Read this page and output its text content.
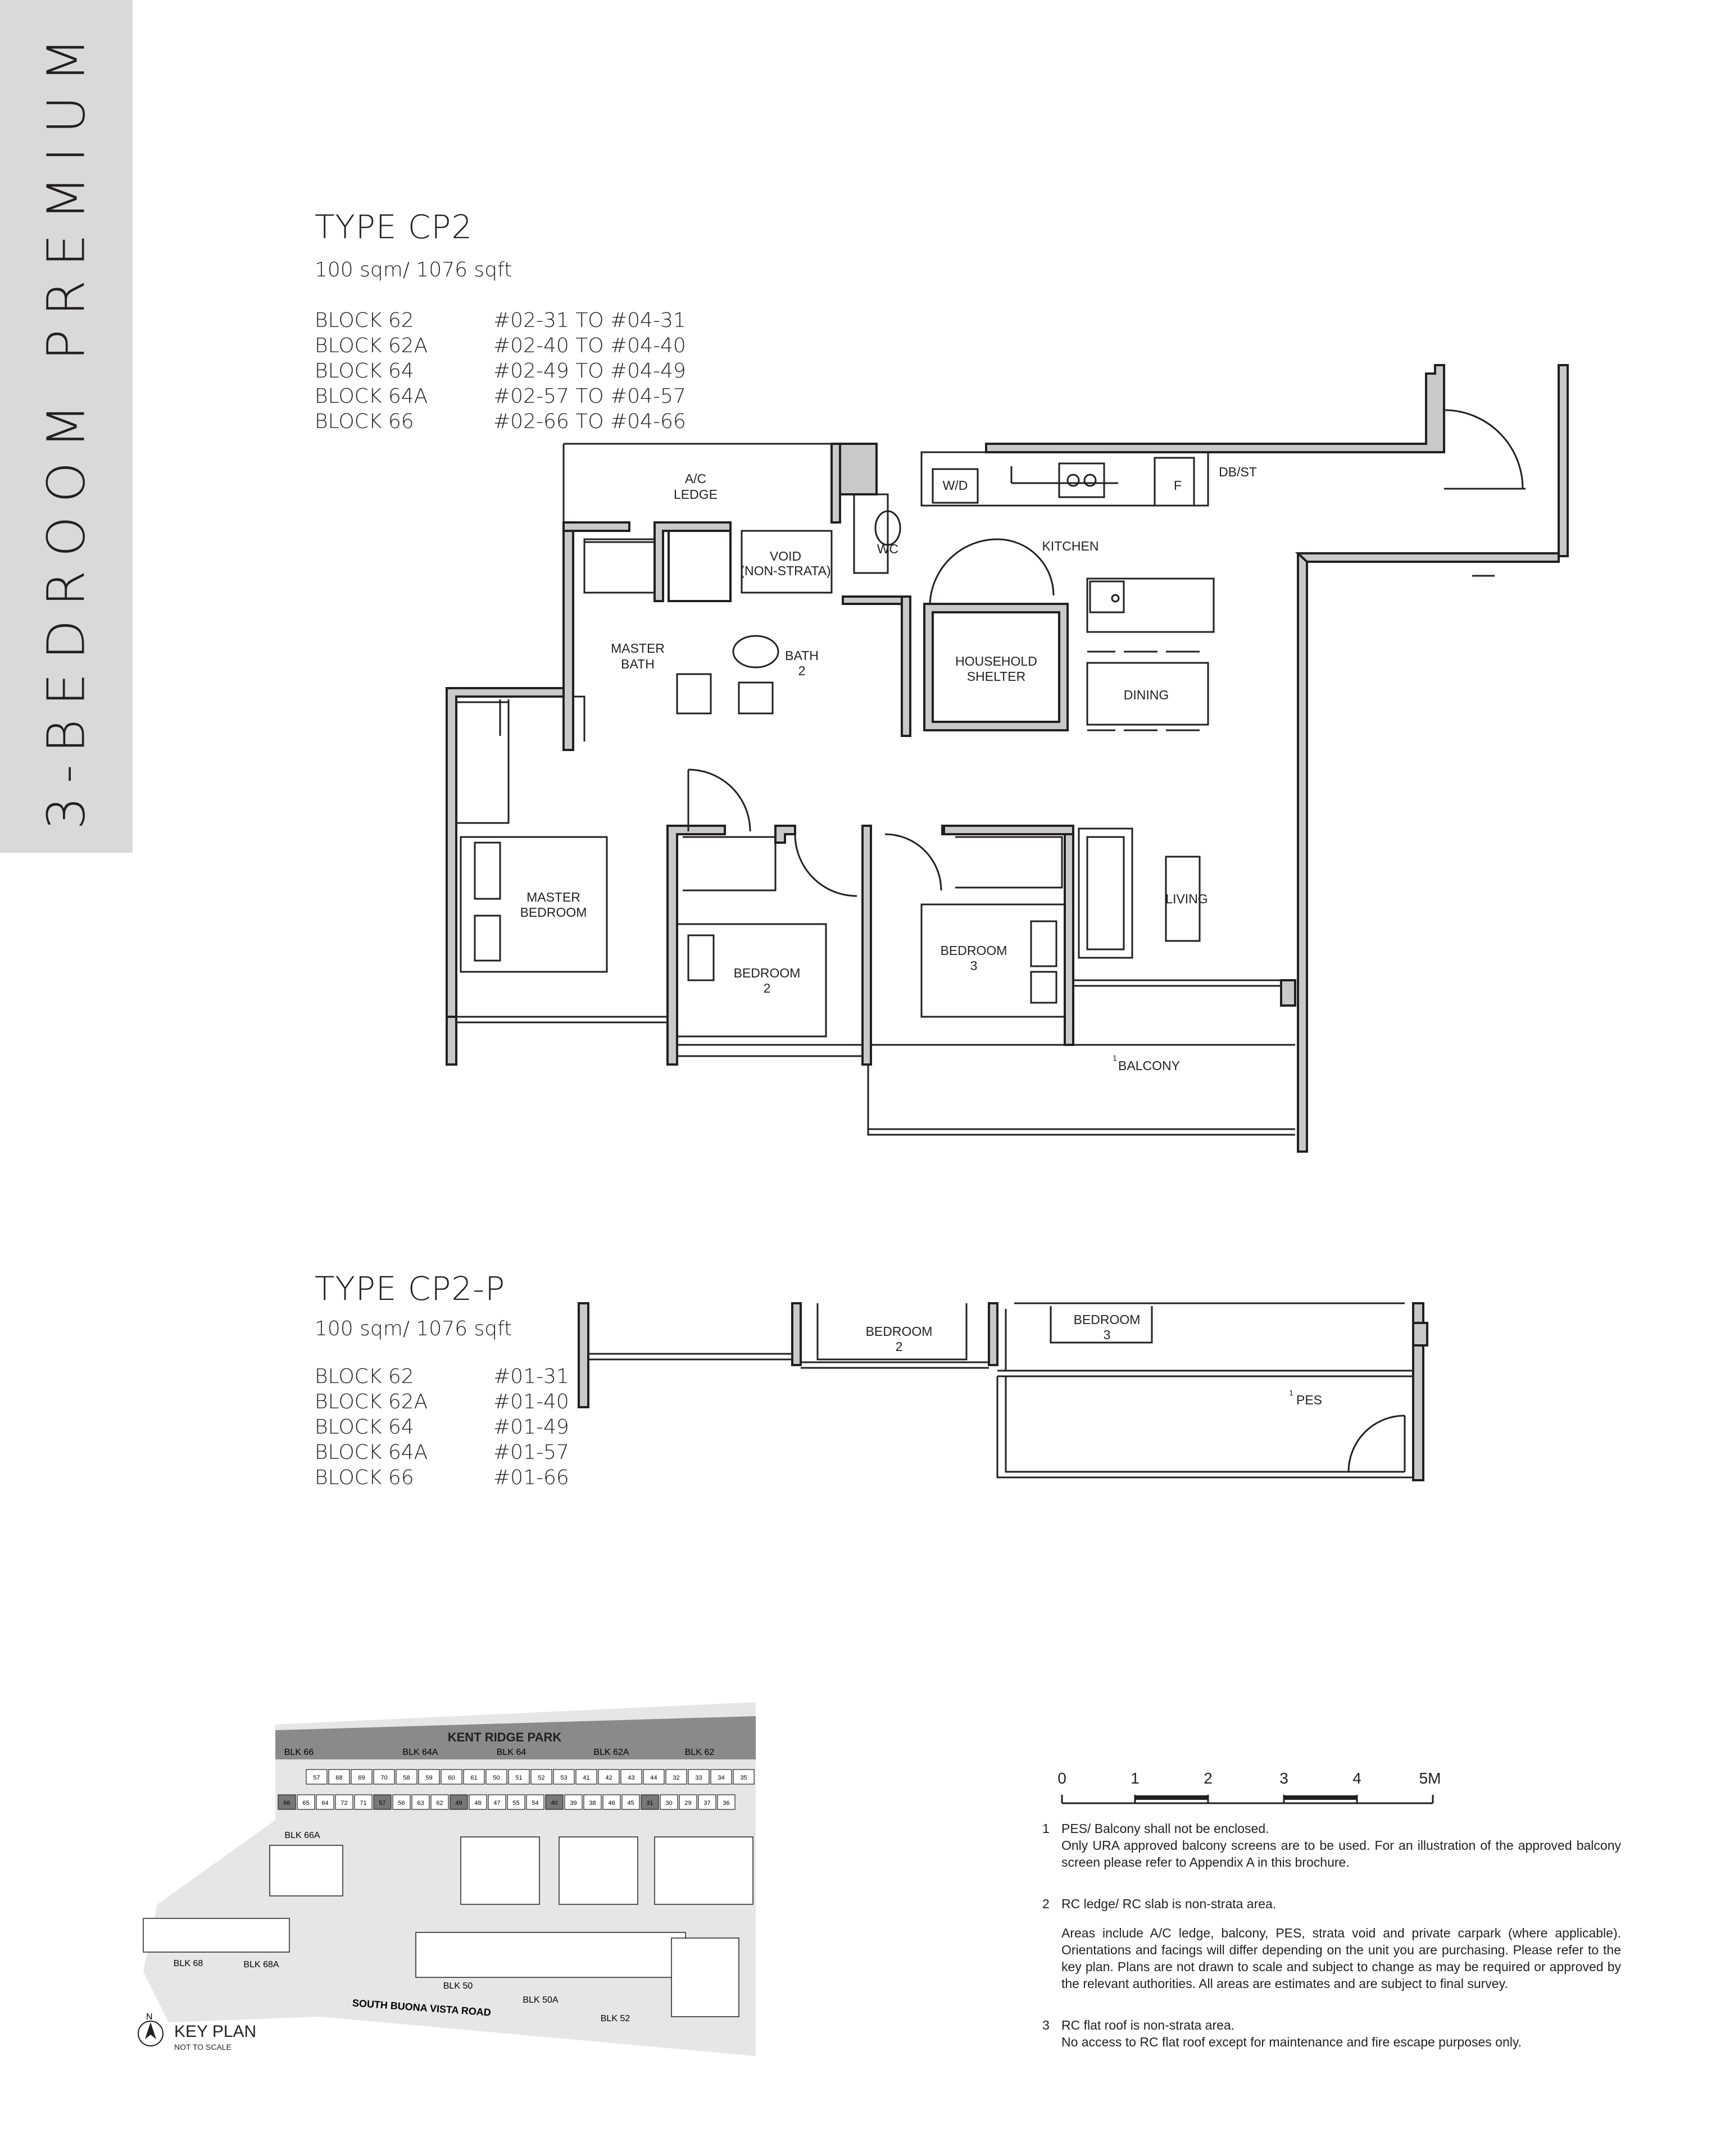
3-BEDROOM PREMIUM	TYPE CP2
100 sqm/ 1076 sqft
BLOCK 62	#02-31 TO #04-31
BLOCK 62A	#02-40 TO #04-40
BLOCK 64	#02-49 TO #04-49
BLOCK 64A	#02-57 TO #04-57
BLOCK 66	#02-66 TO #04-66
TYPE CP2-P
100 sqm/ 1076 sqft
BLOCK 62	#01-31
BLOCK 62A	#01-40
BLOCK 64	#01-49
BLOCK 64A	#01-57
BLOCK 66	#01-66
A/C
LEDGE
W/D	F
DB/ST
VOID
(NON-STRATA)
WC	KITCHEN
MASTER
BATH
BATH
2
HOUSEHOLD
SHELTER
DINING
MASTER
BEDROOM
BEDROOM
2
BEDROOM
3
LIVING
1
BALCONY
BEDROOM
2
BEDROOM
3
1 PES
KENT RIDGE PARK
BLK 66	BLK 64A	BLK 64	BLK 62A	BLK 62
57	68	69	70	58	59	60	61	50	51	52	53	41	42	43	44	32	33	34	35
66 65 64 72 71 57 56 63 62 49 48 47 55 54 40 39 38 46 45 31 30 29 37 36
BLK 66A
BLK 68	BLK 68A
BLK 50
BLK 50A
BLK 52
SOUTH BUONA VISTA ROAD
N
0	1	2	3	4	5M
KEY PLAN
NOT TO SCALE
1 PES/ Balcony shall not be enclosed.

Only URA approved balcony screens are to be used. For an illustration of the approved balcony screen please refer to Appendix A in this brochure.

2 RC ledge/ RC slab is non-strata area.

Areas include A/C ledge, balcony, PES, strata void and private carpark (where applicable). Orientations and facings will differ depending on the unit you are purchasing. Please refer to the key plan. Plans are not drawn to scale and subject to change as may be required or approved by the relevant authorities. All areas are estimates and are subject to final survey.

3 RC flat roof is non-strata area.

No access to RC flat roof except for maintenance and fire escape purposes only.
